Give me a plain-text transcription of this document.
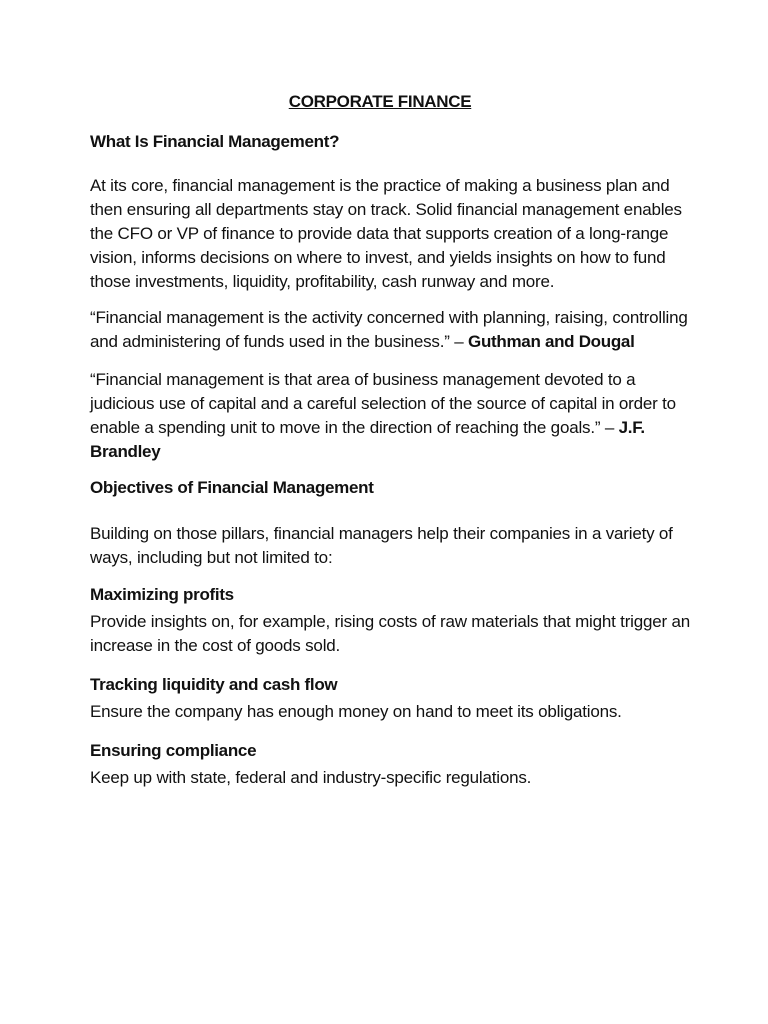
CORPORATE FINANCE
What Is Financial Management?

At its core, financial management is the practice of making a business plan and then ensuring all departments stay on track. Solid financial management enables the CFO or VP of finance to provide data that supports creation of a long-range vision, informs decisions on where to invest, and yields insights on how to fund those investments, liquidity, profitability, cash runway and more.

“Financial management is the activity concerned with planning, raising, controlling and administering of funds used in the business.” – Guthman and Dougal

“Financial management is that area of business management devoted to a judicious use of capital and a careful selection of the source of capital in order to enable a spending unit to move in the direction of reaching the goals.” – J.F. Brandley

Objectives of Financial Management

Building on those pillars, financial managers help their companies in a variety of ways, including but not limited to:

Maximizing profits
Provide insights on, for example, rising costs of raw materials that might trigger an increase in the cost of goods sold.
Tracking liquidity and cash flow
Ensure the company has enough money on hand to meet its obligations.
Ensuring compliance
Keep up with state, federal and industry-specific regulations.
